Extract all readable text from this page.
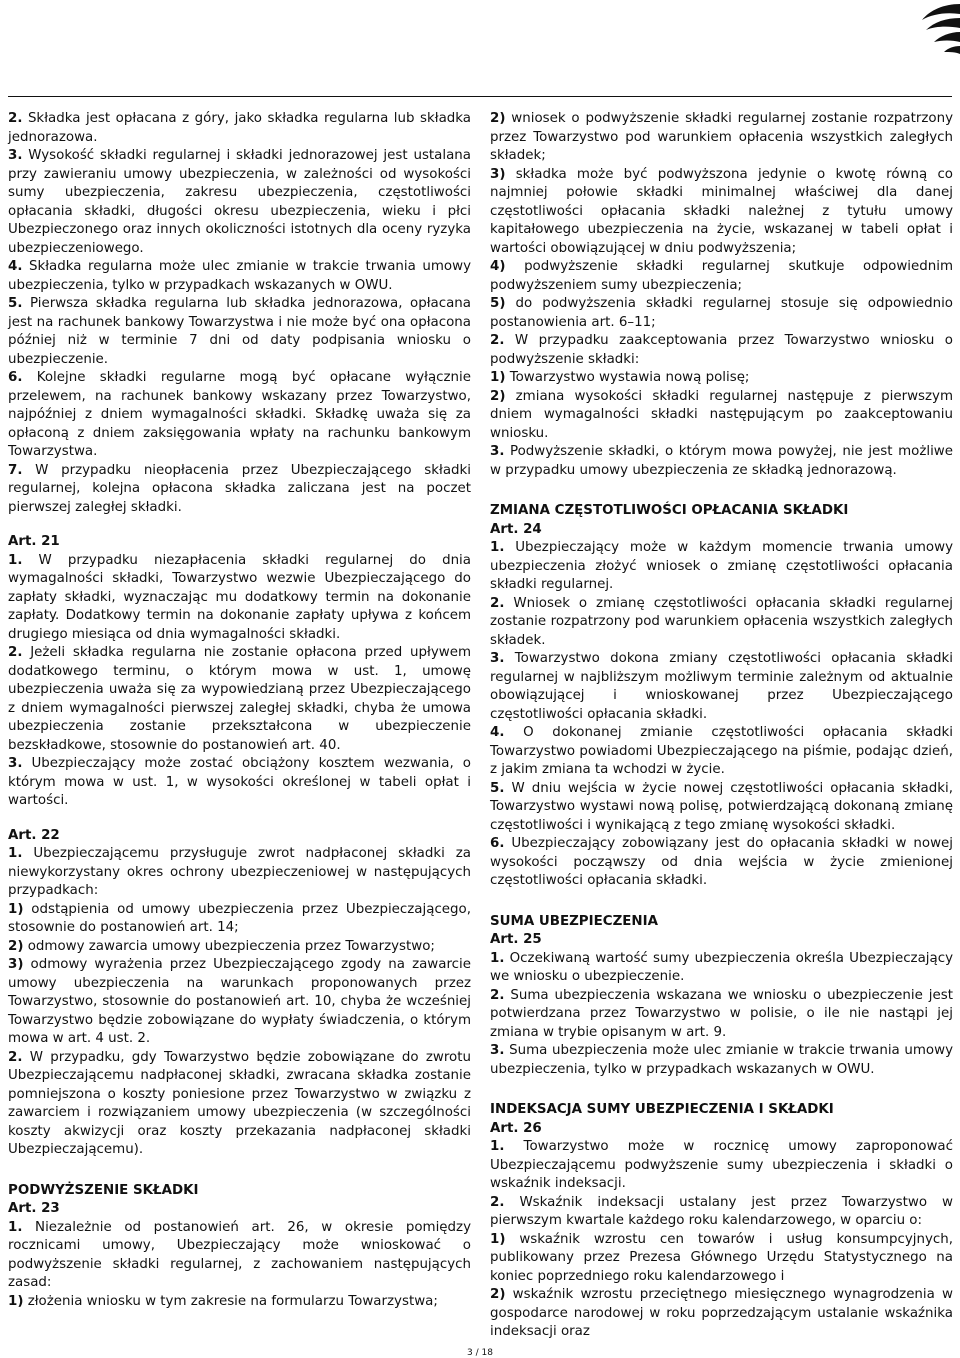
2. Składka jest opłacana z góry, jako składka regularna lub składka jednorazowa.

3. Wysokość składki regularnej i składki jednorazowej jest ustalana przy zawieraniu umowy ubezpieczenia, w zależności od wysokości sumy ubezpieczenia, zakresu ubezpieczenia, częstotliwości opłacania składki, długości okresu ubezpieczenia, wieku i płci Ubezpieczonego oraz innych okoliczności istotnych dla oceny ryzyka ubezpieczeniowego.

4. Składka regularna może ulec zmianie w trakcie trwania umowy ubezpieczenia, tylko w przypadkach wskazanych w OWU.

5. Pierwsza składka regularna lub składka jednorazowa, opłacana jest na rachunek bankowy Towarzystwa i nie może być ona opłacona później niż w terminie 7 dni od daty podpisania wniosku o ubezpieczenie.

6. Kolejne składki regularne mogą być opłacane wyłącznie przelewem, na rachunek bankowy wskazany przez Towarzystwo, najpóźniej z dniem wymagalności składki. Składkę uważa się za opłaconą z dniem zaksięgowania wpłaty na rachunku bankowym Towarzystwa.

7. W przypadku nieopłacenia przez Ubezpieczającego składki regularnej, kolejna opłacona składka zaliczana jest na poczet pierwszej zaległej składki.

Art. 21

1. W przypadku niezapłacenia składki regularnej do dnia wymagalności składki, Towarzystwo wezwie Ubezpieczającego do zapłaty składki, wyznaczając mu dodatkowy termin na dokonanie zapłaty. Dodatkowy termin na dokonanie zapłaty upływa z końcem drugiego miesiąca od dnia wymagalności składki.

2. Jeżeli składka regularna nie zostanie opłacona przed upływem dodatkowego terminu, o którym mowa w ust. 1, umowę ubezpieczenia uważa się za wypowiedzianą przez Ubezpieczającego z dniem wymagalności pierwszej zaległej składki, chyba że umowa ubezpieczenia zostanie przekształcona w ubezpieczenie bezskładkowe, stosownie do postanowień art. 40.

3. Ubezpieczający może zostać obciążony kosztem wezwania, o którym mowa w ust. 1, w wysokości określonej w tabeli opłat i wartości.

Art. 22

1. Ubezpieczającemu przysługuje zwrot nadpłaconej składki za niewykorzystany okres ochrony ubezpieczeniowej w następujących przypadkach:

1) odstąpienia od umowy ubezpieczenia przez Ubezpieczającego, stosownie do postanowień art. 14;

2) odmowy zawarcia umowy ubezpieczenia przez Towarzystwo;

3) odmowy wyrażenia przez Ubezpieczającego zgody na zawarcie umowy ubezpieczenia na warunkach proponowanych przez Towarzystwo, stosownie do postanowień art. 10, chyba że wcześniej Towarzystwo będzie zobowiązane do wypłaty świadczenia, o którym mowa w art. 4 ust. 2.

2. W przypadku, gdy Towarzystwo będzie zobowiązane do zwrotu Ubezpieczającemu nadpłaconej składki, zwracana składka zostanie pomniejszona o koszty poniesione przez Towarzystwo w związku z zawarciem i rozwiązaniem umowy ubezpieczenia (w szczególności koszty akwizycji oraz koszty przekazania nadpłaconej składki Ubezpieczającemu).

PODWYŻSZENIE SKŁADKI

Art. 23

1. Niezależnie od postanowień art. 26, w okresie pomiędzy rocznicami umowy, Ubezpieczający może wnioskować o podwyższenie składki regularnej, z zachowaniem następujących zasad:

1) złożenia wniosku w tym zakresie na formularzu Towarzystwa;

2) wniosek o podwyższenie składki regularnej zostanie rozpatrzony przez Towarzystwo pod warunkiem opłacenia wszystkich zaległych składek;

3) składka może być podwyższona jedynie o kwotę równą co najmniej połowie składki minimalnej właściwej dla danej częstotliwości opłacania składki należnej z tytułu umowy kapitałowego ubezpieczenia na życie, wskazanej w tabeli opłat i wartości obowiązującej w dniu podwyższenia;

4) podwyższenie składki regularnej skutkuje odpowiednim podwyższeniem sumy ubezpieczenia;

5) do podwyższenia składki regularnej stosuje się odpowiednio postanowienia art. 6–11;

2. W przypadku zaakceptowania przez Towarzystwo wniosku o podwyższenie składki:

1) Towarzystwo wystawia nową polisę;

2) zmiana wysokości składki regularnej następuje z pierwszym dniem wymagalności składki następującym po zaakceptowaniu wniosku.

3. Podwyższenie składki, o którym mowa powyżej, nie jest możliwe w przypadku umowy ubezpieczenia ze składką jednorazową.

ZMIANA CZĘSTOTLIWOŚCI OPŁACANIA SKŁADKI

Art. 24

1. Ubezpieczający może w każdym momencie trwania umowy ubezpieczenia złożyć wniosek o zmianę częstotliwości opłacania składki regularnej.

2. Wniosek o zmianę częstotliwości opłacania składki regularnej zostanie rozpatrzony pod warunkiem opłacenia wszystkich zaległych składek.

3. Towarzystwo dokona zmiany częstotliwości opłacania składki regularnej w najbliższym możliwym terminie zależnym od aktualnie obowiązującej i wnioskowanej przez Ubezpieczającego częstotliwości opłacania składki.

4. O dokonanej zmianie częstotliwości opłacania składki Towarzystwo powiadomi Ubezpieczającego na piśmie, podając dzień, z jakim zmiana ta wchodzi w życie.

5. W dniu wejścia w życie nowej częstotliwości opłacania składki, Towarzystwo wystawi nową polisę, potwierdzającą dokonaną zmianę częstotliwości i wynikającą z tego zmianę wysokości składki.

6. Ubezpieczający zobowiązany jest do opłacania składki w nowej wysokości począwszy od dnia wejścia w życie zmienionej częstotliwości opłacania składki.

SUMA UBEZPIECZENIA

Art. 25

1. Oczekiwaną wartość sumy ubezpieczenia określa Ubezpieczający we wniosku o ubezpieczenie.

2. Suma ubezpieczenia wskazana we wniosku o ubezpieczenie jest potwierdzana przez Towarzystwo w polisie, o ile nie nastąpi jej zmiana w trybie opisanym w art. 9.

3. Suma ubezpieczenia może ulec zmianie w trakcie trwania umowy ubezpieczenia, tylko w przypadkach wskazanych w OWU.

INDEKSACJA SUMY UBEZPIECZENIA I SKŁADKI

Art. 26

1. Towarzystwo może w rocznicę umowy zaproponować Ubezpieczającemu podwyższenie sumy ubezpieczenia i składki o wskaźnik indeksacji.

2. Wskaźnik indeksacji ustalany jest przez Towarzystwo w pierwszym kwartale każdego roku kalendarzowego, w oparciu o:

1) wskaźnik wzrostu cen towarów i usług konsumpcyjnych, publikowany przez Prezesa Głównego Urzędu Statystycznego na koniec poprzedniego roku kalendarzowego i

2) wskaźnik wzrostu przeciętnego miesięcznego wynagrodzenia w gospodarce narodowej w roku poprzedzającym ustalanie wskaźnika indeksacji oraz

3 / 18
